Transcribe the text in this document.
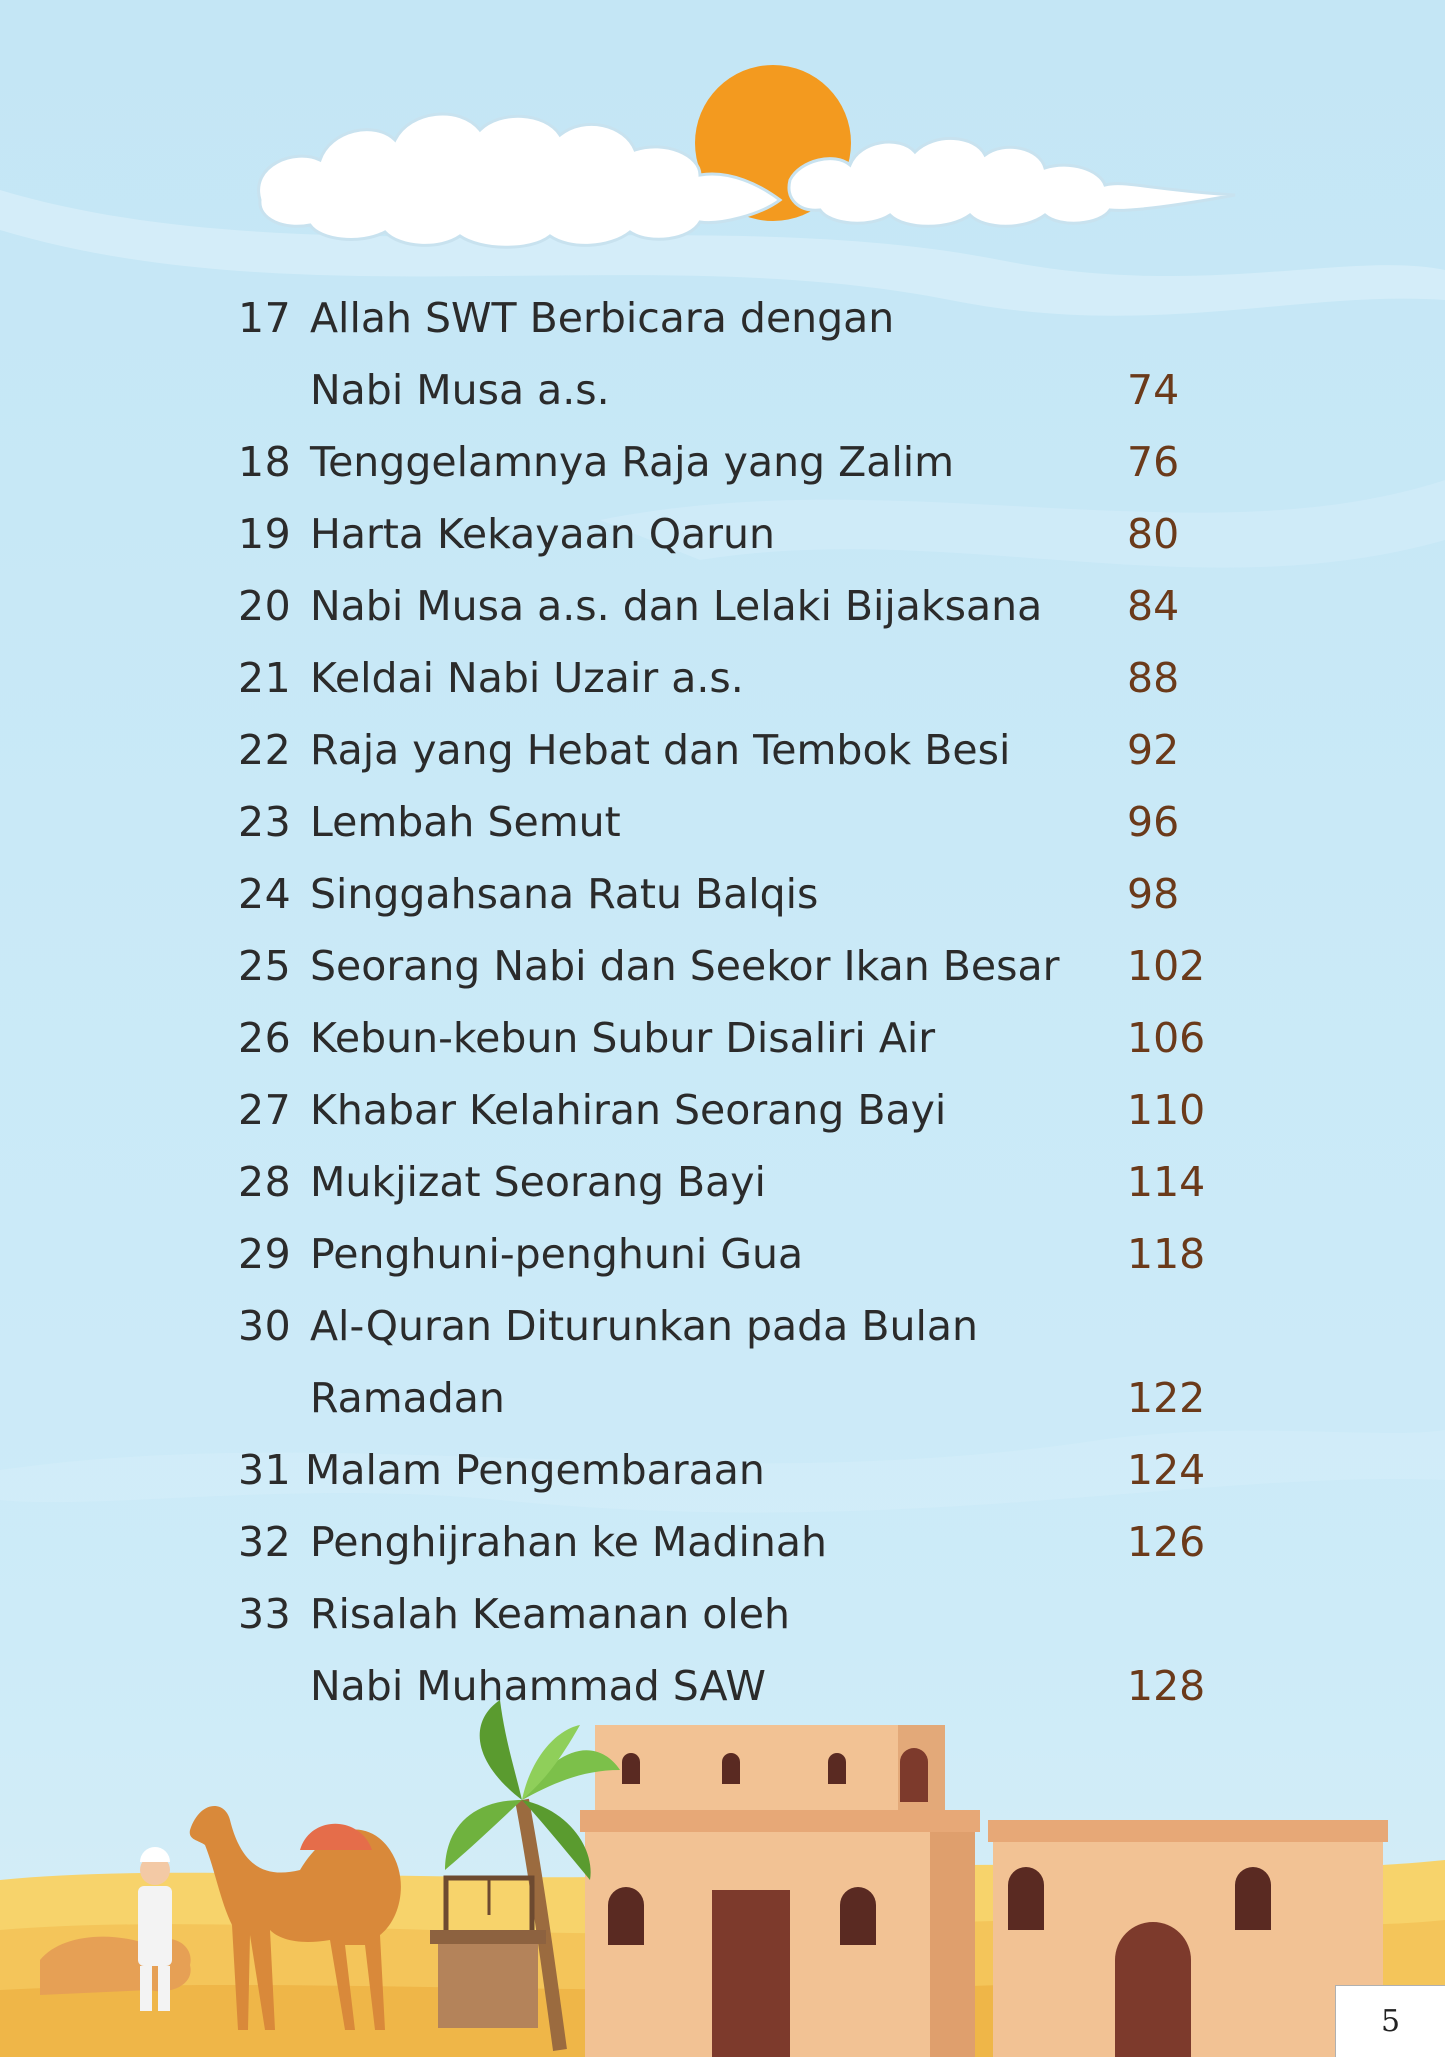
17 Allah SWT Berbicara dengan
Nabi Musa a.s.	74
18 Tenggelamnya Raja yang Zalim	76
19 Harta Kekayaan Qarun	80
20 Nabi Musa a.s. dan Lelaki Bijaksana 84
21 Keldai Nabi Uzair a.s.	88
22 Raja yang Hebat dan Tembok Besi	92
23 Lembah Semut	96
24 Singgahsana Ratu Balqis	98
25 Seorang Nabi dan Seekor Ikan Besar 102
26 Kebun-kebun Subur Disaliri Air	106
27 Khabar Kelahiran Seorang Bayi	110
28 Mukjizat Seorang Bayi	114
29 Penghuni-penghuni Gua	118
30 Al-Quran Diturunkan pada Bulan
Ramadan	122
31 Malam Pengembaraan	124
32 Penghijrahan ke Madinah	126
33 Risalah Keamanan oleh
Nabi Muhammad SAW	128
5
